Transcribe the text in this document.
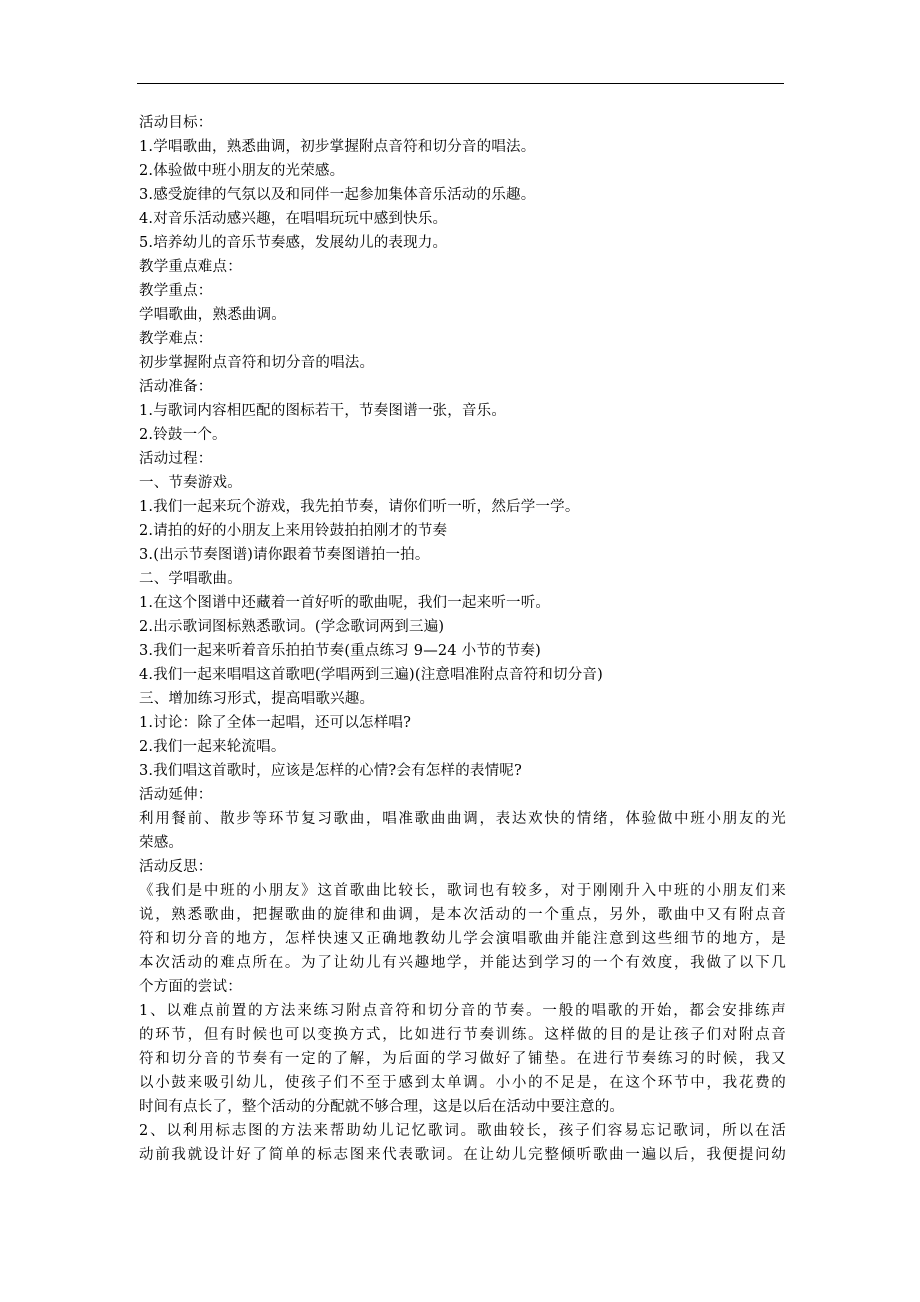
活动目标：
1.学唱歌曲，熟悉曲调，初步掌握附点音符和切分音的唱法。
2.体验做中班小朋友的光荣感。
3.感受旋律的气氛以及和同伴一起参加集体音乐活动的乐趣。
4.对音乐活动感兴趣，在唱唱玩玩中感到快乐。
5.培养幼儿的音乐节奏感，发展幼儿的表现力。
教学重点难点：
教学重点：
学唱歌曲，熟悉曲调。
教学难点：
初步掌握附点音符和切分音的唱法。
活动准备：
1.与歌词内容相匹配的图标若干，节奏图谱一张，音乐。
2.铃鼓一个。
活动过程：
一、节奏游戏。
1.我们一起来玩个游戏，我先拍节奏，请你们听一听，然后学一学。
2.请拍的好的小朋友上来用铃鼓拍拍刚才的节奏
3.(出示节奏图谱)请你跟着节奏图谱拍一拍。
二、学唱歌曲。
1.在这个图谱中还藏着一首好听的歌曲呢，我们一起来听一听。
2.出示歌词图标熟悉歌词。(学念歌词两到三遍)
3.我们一起来听着音乐拍拍节奏(重点练习 9—24 小节的节奏)
4.我们一起来唱唱这首歌吧(学唱两到三遍)(注意唱准附点音符和切分音)
三、增加练习形式，提高唱歌兴趣。
1.讨论：除了全体一起唱，还可以怎样唱?
2.我们一起来轮流唱。
3.我们唱这首歌时，应该是怎样的心情?会有怎样的表情呢?
活动延伸：
利用餐前、散步等环节复习歌曲，唱准歌曲曲调，表达欢快的情绪，体验做中班小朋友的光
荣感。
活动反思：
《我们是中班的小朋友》这首歌曲比较长，歌词也有较多，对于刚刚升入中班的小朋友们来
说，熟悉歌曲，把握歌曲的旋律和曲调，是本次活动的一个重点，另外，歌曲中又有附点音
符和切分音的地方，怎样快速又正确地教幼儿学会演唱歌曲并能注意到这些细节的地方，是
本次活动的难点所在。为了让幼儿有兴趣地学，并能达到学习的一个有效度，我做了以下几
个方面的尝试：
1、以难点前置的方法来练习附点音符和切分音的节奏。一般的唱歌的开始，都会安排练声
的环节，但有时候也可以变换方式，比如进行节奏训练。这样做的目的是让孩子们对附点音
符和切分音的节奏有一定的了解，为后面的学习做好了铺垫。在进行节奏练习的时候，我又
以小鼓来吸引幼儿，使孩子们不至于感到太单调。小小的不足是，在这个环节中，我花费的
时间有点长了，整个活动的分配就不够合理，这是以后在活动中要注意的。
2、以利用标志图的方法来帮助幼儿记忆歌词。歌曲较长，孩子们容易忘记歌词，所以在活
动前我就设计好了简单的标志图来代表歌词。在让幼儿完整倾听歌曲一遍以后，我便提问幼
